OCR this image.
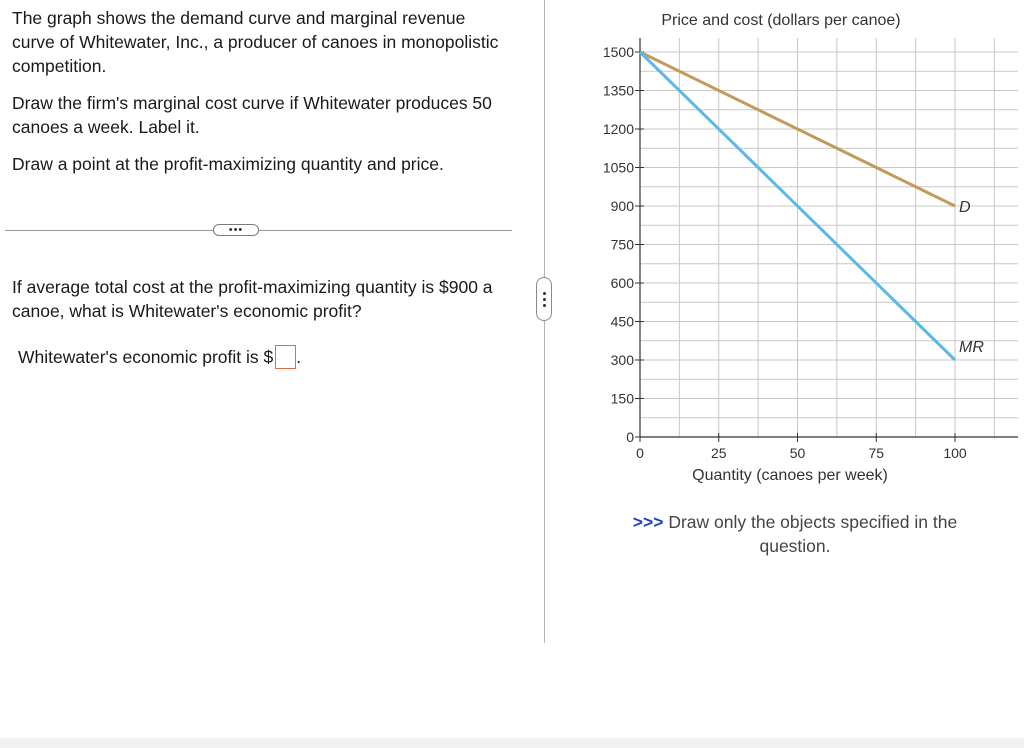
The graph shows the demand curve and marginal revenue curve of Whitewater, Inc., a producer of canoes in monopolistic competition.

Draw the firm's marginal cost curve if Whitewater produces 50 canoes a week. Label it.

Draw a point at the profit-maximizing quantity and price.

•••

If average total cost at the profit-maximizing quantity is $900 a canoe, what is Whitewater's economic profit?

Whitewater's economic profit is $ .
Price and cost (dollars per canoe)
0
150
300
450
600
750
900
1050
1200
1350
1500
0	25	50	75	100
D
MR
Quantity (canoes per week)
>>> Draw only the objects specified in the question.
